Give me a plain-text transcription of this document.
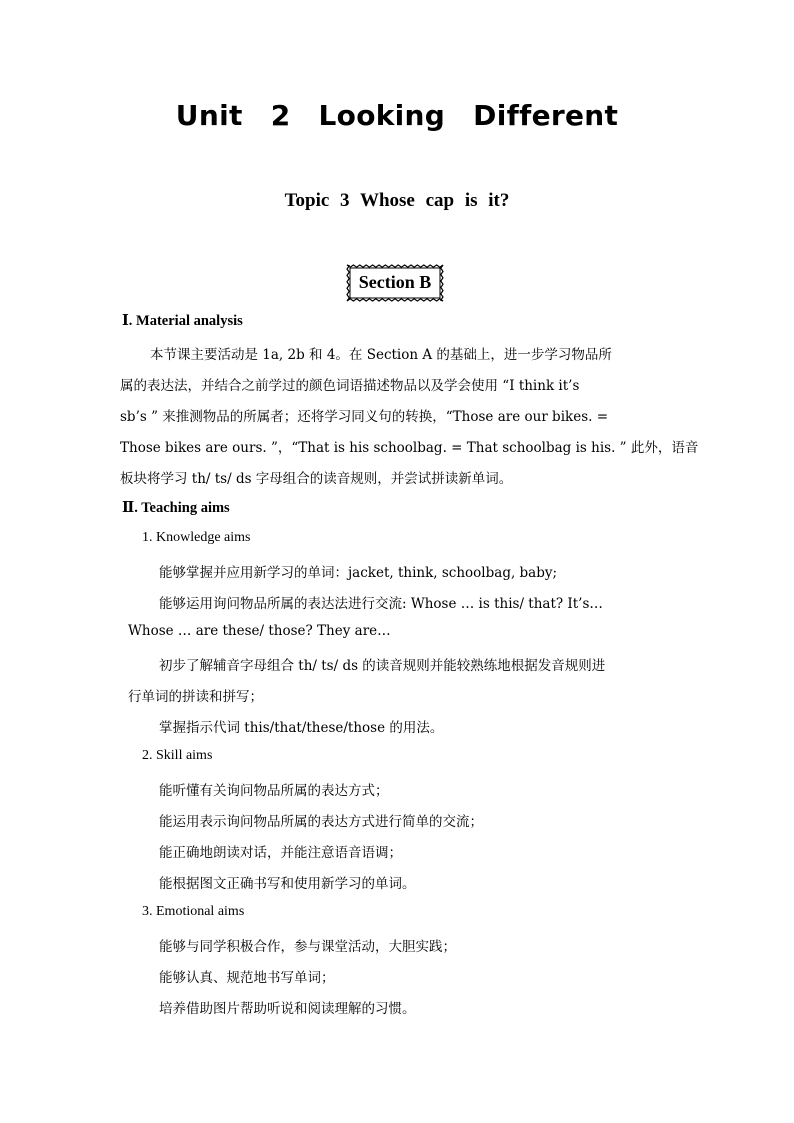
Unit 2 Looking Different
Topic 3 Whose cap is it?
Section B
Ⅰ. Material analysis
本节课主要活动是 1a, 2b 和 4。在 Section A 的基础上，进一步学习物品所
属的表达法，并结合之前学过的颜色词语描述物品以及学会使用 “I think it’s
sb’s ” 来推测物品的所属者；还将学习同义句的转换，“Those are our bikes. =
Those bikes are ours. ”，“That is his schoolbag. = That schoolbag is his. ” 此外，语音
板块将学习 th/ ts/ ds 字母组合的读音规则，并尝试拼读新单词。
Ⅱ. Teaching aims
1. Knowledge aims
能够掌握并应用新学习的单词：jacket, think, schoolbag, baby;
能够运用询问物品所属的表达法进行交流: Whose … is this/ that? It’s…
Whose … are these/ those? They are…
初步了解辅音字母组合 th/ ts/ ds 的读音规则并能较熟练地根据发音规则进
行单词的拼读和拼写；
掌握指示代词 this/that/these/those 的用法。
2. Skill aims
能听懂有关询问物品所属的表达方式；
能运用表示询问物品所属的表达方式进行简单的交流；
能正确地朗读对话，并能注意语音语调；
能根据图文正确书写和使用新学习的单词。
3. Emotional aims
能够与同学积极合作，参与课堂活动，大胆实践；
能够认真、规范地书写单词；
培养借助图片帮助听说和阅读理解的习惯。
